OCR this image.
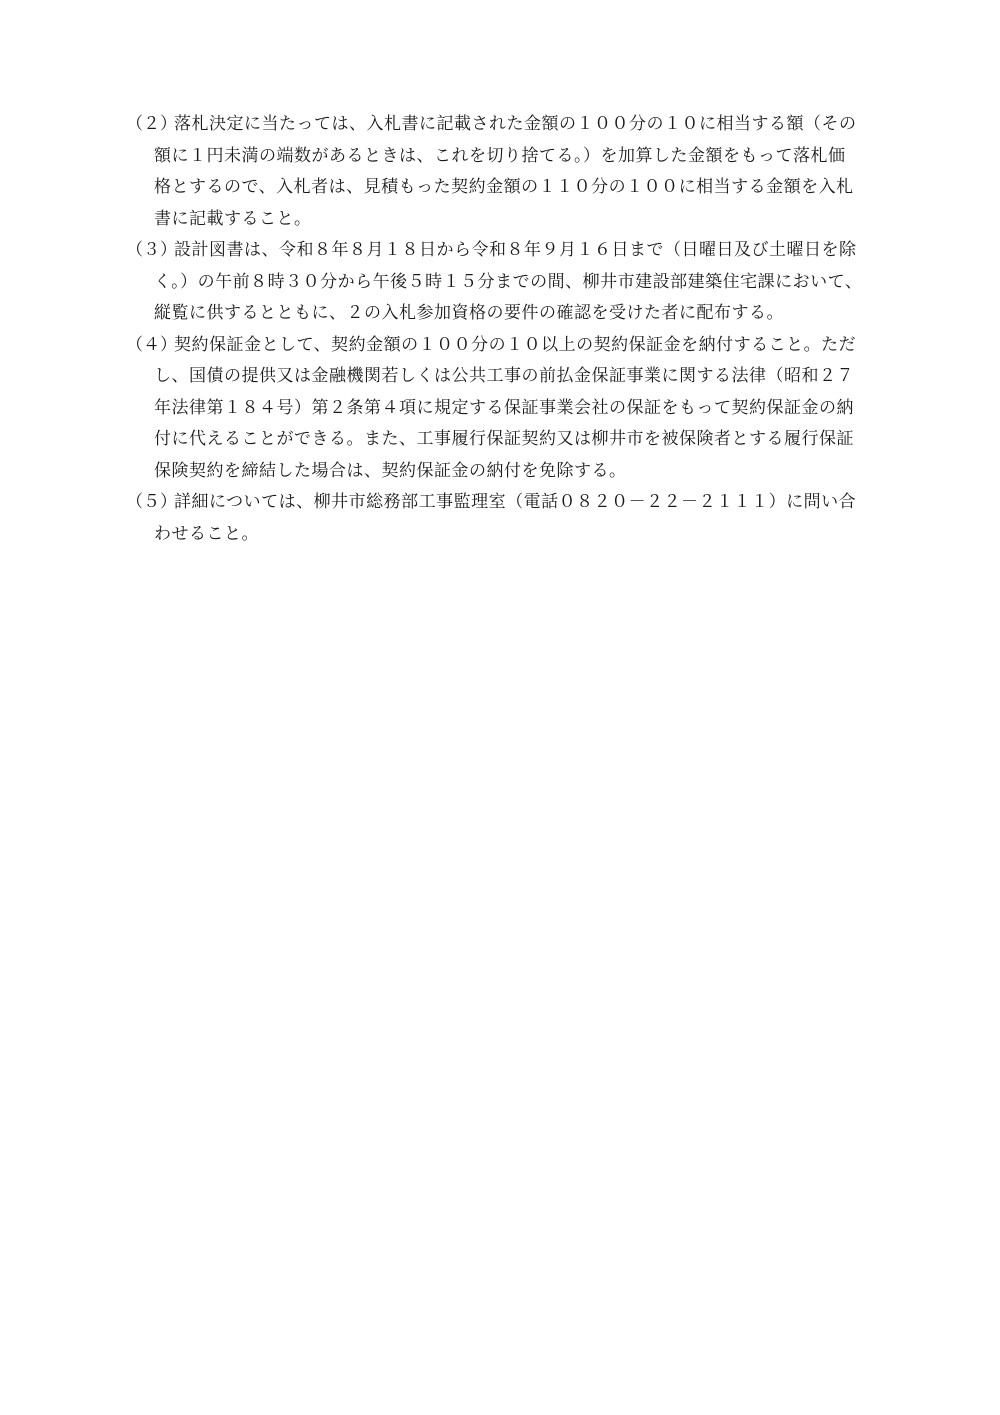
（２）
落札決定に当たっては、入札書に記載された金額の１００分の１０に相当する額（その
額に１円未満の端数があるときは、これを切り捨てる。）を加算した金額をもって落札価
格とするので、入札者は、見積もった契約金額の１１０分の１００に相当する金額を入札
書に記載すること。
（３）
設計図書は、令和８年８月１８日から令和８年９月１６日まで（日曜日及び土曜日を除
く。）の午前８時３０分から午後５時１５分までの間、柳井市建設部建築住宅課において、
縦覧に供するとともに、２の入札参加資格の要件の確認を受けた者に配布する。
（４）
契約保証金として、契約金額の１００分の１０以上の契約保証金を納付すること。ただ
し、国債の提供又は金融機関若しくは公共工事の前払金保証事業に関する法律（昭和２７
年法律第１８４号）第２条第４項に規定する保証事業会社の保証をもって契約保証金の納
付に代えることができる。また、工事履行保証契約又は柳井市を被保険者とする履行保証
保険契約を締結した場合は、契約保証金の納付を免除する。
（５）
詳細については、柳井市総務部工事監理室（電話０８２０－２２－２１１１）に問い合
わせること。
